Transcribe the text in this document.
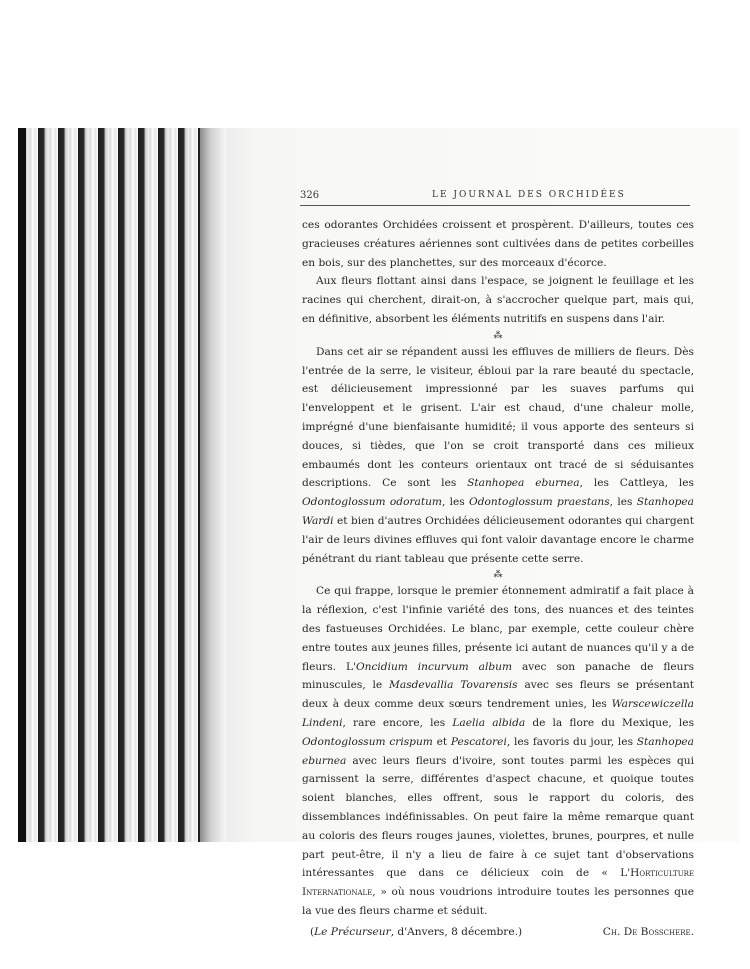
326	LE JOURNAL DES ORCHIDÉES

ces odorantes Orchidées croissent et prospèrent. D'ailleurs, toutes ces gracieuses créatures aériennes sont cultivées dans de petites corbeilles en bois, sur des planchettes, sur des morceaux d'écorce.

Aux fleurs flottant ainsi dans l'espace, se joignent le feuillage et les racines qui cherchent, dirait-on, à s'accrocher quelque part, mais qui, en définitive, absorbent les éléments nutritifs en suspens dans l'air.

⁂

Dans cet air se répandent aussi les effluves de milliers de fleurs. Dès l'entrée de la serre, le visiteur, ébloui par la rare beauté du spectacle, est délicieusement impressionné par les suaves parfums qui l'enveloppent et le grisent. L'air est chaud, d'une chaleur molle, imprégné d'une bienfaisante humidité; il vous apporte des senteurs si douces, si tièdes, que l'on se croit transporté dans ces milieux embaumés dont les conteurs orientaux ont tracé de si séduisantes descriptions. Ce sont les Stanhopea eburnea, les Cattleya, les Odontoglossum odoratum, les Odontoglossum praestans, les Stanhopea Wardi et bien d'autres Orchidées délicieusement odorantes qui chargent l'air de leurs divines effluves qui font valoir davantage encore le charme pénétrant du riant tableau que présente cette serre.

⁂

Ce qui frappe, lorsque le premier étonnement admiratif a fait place à la réflexion, c'est l'infinie variété des tons, des nuances et des teintes des fastueuses Orchidées. Le blanc, par exemple, cette couleur chère entre toutes aux jeunes filles, présente ici autant de nuances qu'il y a de fleurs. L'Oncidium incurvum album avec son panache de fleurs minuscules, le Masdevallia Tovarensis avec ses fleurs se présentant deux à deux comme deux sœurs tendrement unies, les Warscewiczella Lindeni, rare encore, les Laelia albida de la flore du Mexique, les Odontoglossum crispum et Pescatorei, les favoris du jour, les Stanhopea eburnea avec leurs fleurs d'ivoire, sont toutes parmi les espèces qui garnissent la serre, différentes d'aspect chacune, et quoique toutes soient blanches, elles offrent, sous le rapport du coloris, des dissemblances indéfinissables. On peut faire la même remarque quant au coloris des fleurs rouges jaunes, violettes, brunes, pourpres, et nulle part peut-être, il n'y a lieu de faire à ce sujet tant d'observations intéressantes que dans ce délicieux coin de « L'Horticulture Internationale, » où nous voudrions introduire toutes les personnes que la vue des fleurs charme et séduit.

(Le Précurseur, d'Anvers, 8 décembre.)	Ch. De Bosschere.
